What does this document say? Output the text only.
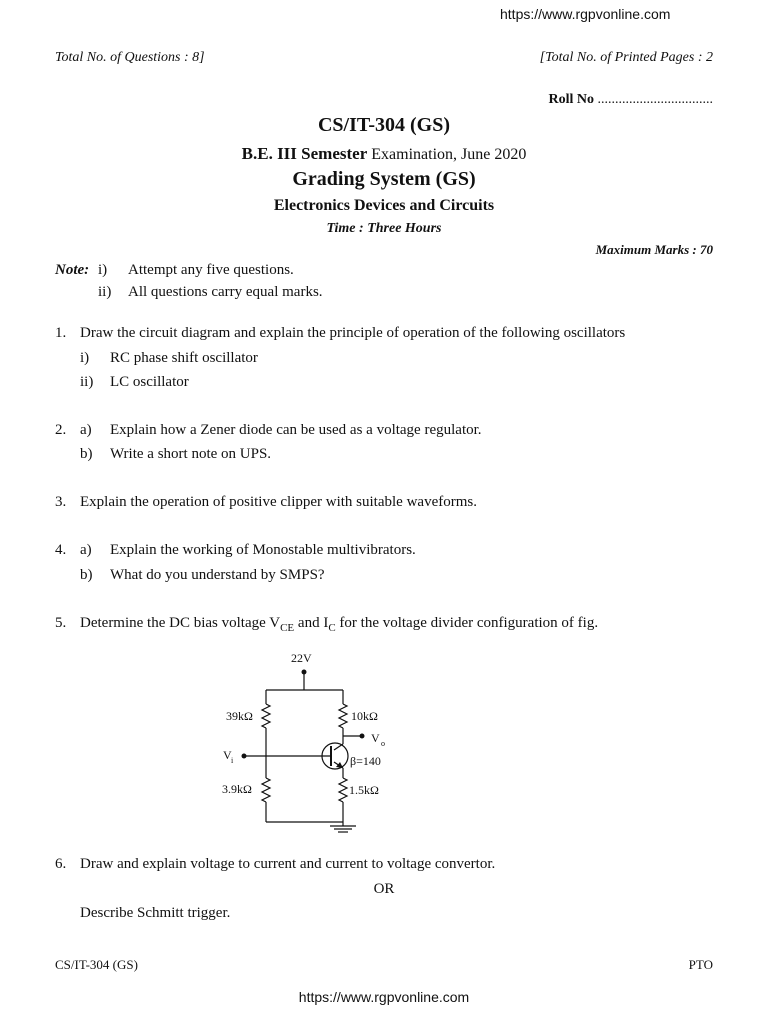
https://www.rgpvonline.com
Total No. of Questions : 8]	[Total No. of Printed Pages : 2
Roll No .................................
CS/IT-304 (GS)
B.E. III Semester Examination, June 2020
Grading System (GS)
Electronics Devices and Circuits
Time : Three Hours
Maximum Marks : 70
Note: i) Attempt any five questions.
ii) All questions carry equal marks.
1. Draw the circuit diagram and explain the principle of operation of the following oscillators
i) RC phase shift oscillator
ii) LC oscillator
2. a) Explain how a Zener diode can be used as a voltage regulator.
b) Write a short note on UPS.
3. Explain the operation of positive clipper with suitable waveforms.
4. a) Explain the working of Monostable multivibrators.
b) What do you understand by SMPS?
5. Determine the DC bias voltage $V_{CE}$ and $I_C$ for the voltage divider configuration of fig.
22V
39kΩ
3.9kΩ
10kΩ
1.5kΩ
V o
V i	β=140
6. Draw and explain voltage to current and current to voltage convertor.
OR
Describe Schmitt trigger.
CS/IT-304 (GS)	PTO
https://www.rgpvonline.com
